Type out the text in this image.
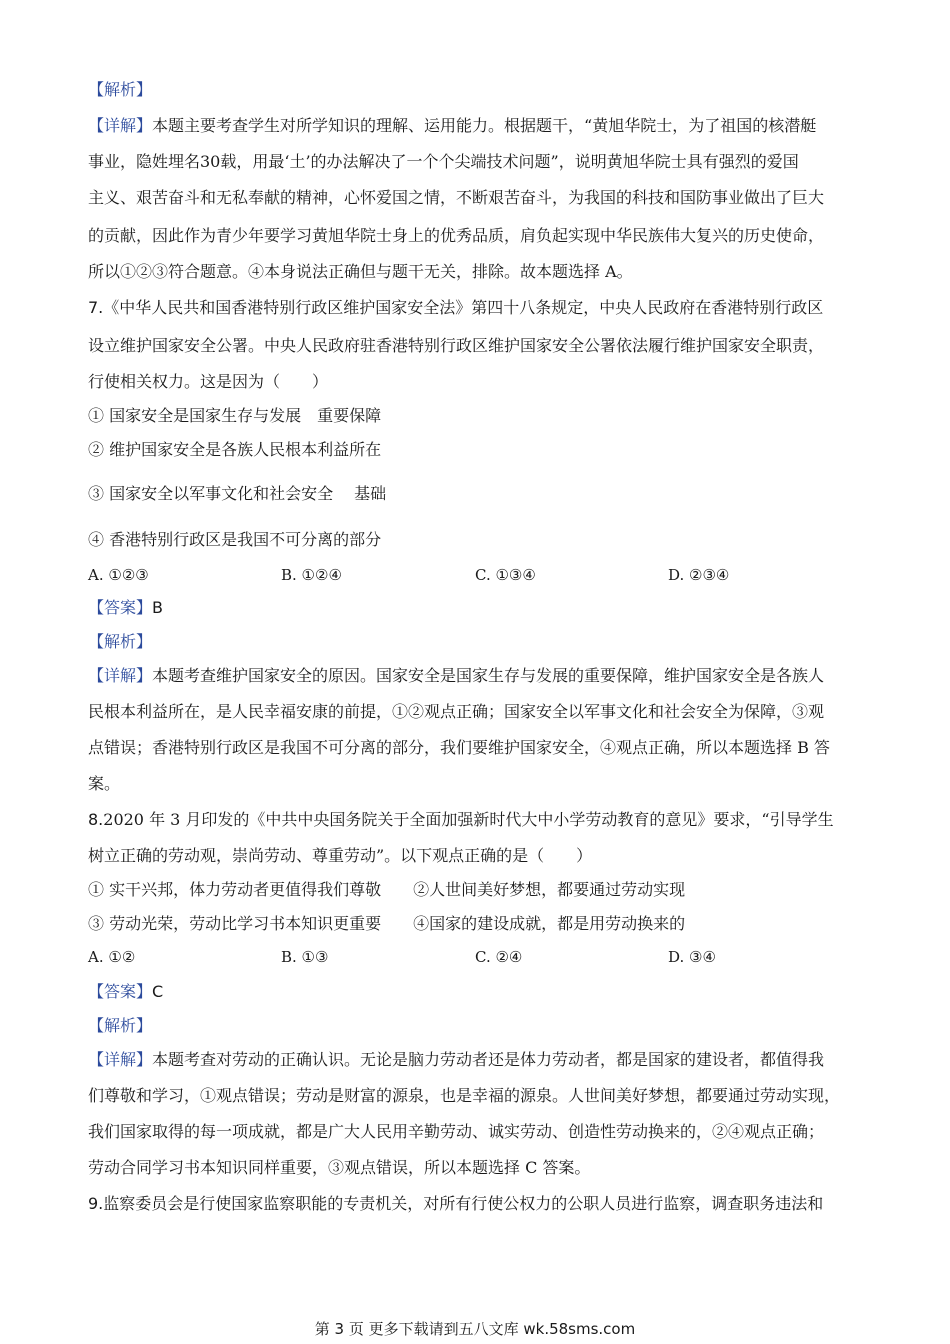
【解析】

【详解】本题主要考查学生对所学知识的理解、运用能力。根据题干，“黄旭华院士，为了祖国的核潜艇

事业，隐姓埋名30载，用最‘土’的办法解决了一个个尖端技术问题”，说明黄旭华院士具有强烈的爱国

主义、艰苦奋斗和无私奉献的精神，心怀爱国之情，不断艰苦奋斗，为我国的科技和国防事业做出了巨大

的贡献，因此作为青少年要学习黄旭华院士身上的优秀品质，肩负起实现中华民族伟大复兴的历史使命，

所以①②③符合题意。④本身说法正确但与题干无关，排除。故本题选择 A。

7.《中华人民共和国香港特别行政区维护国家安全法》第四十八条规定，中央人民政府在香港特别行政区

设立维护国家安全公署。中央人民政府驻香港特别行政区维护国家安全公署依法履行维护国家安全职责，

行使相关权力。这是因为（　　）

① 国家安全是国家生存与发展　重要保障

② 维护国家安全是各族人民根本利益所在

③ 国家安全以军事文化和社会安全　 基础

④ 香港特别行政区是我国不可分离的部分

A. ①②③	B. ①②④	C. ①③④	D. ②③④

【答案】B

【解析】

【详解】本题考查维护国家安全的原因。国家安全是国家生存与发展的重要保障，维护国家安全是各族人

民根本利益所在，是人民幸福安康的前提，①②观点正确；国家安全以军事文化和社会安全为保障，③观

点错误；香港特别行政区是我国不可分离的部分，我们要维护国家安全，④观点正确，所以本题选择 B 答

案。

8.2020 年 3 月印发的《中共中央国务院关于全面加强新时代大中小学劳动教育的意见》要求，“引导学生

树立正确的劳动观，崇尚劳动、尊重劳动”。以下观点正确的是（　　）

① 实干兴邦，体力劳动者更值得我们尊敬　　②人世间美好梦想，都要通过劳动实现

③ 劳动光荣，劳动比学习书本知识更重要　　④国家的建设成就，都是用劳动换来的

A. ①②	B. ①③	C. ②④	D. ③④

【答案】C

【解析】

【详解】本题考查对劳动的正确认识。无论是脑力劳动者还是体力劳动者，都是国家的建设者，都值得我

们尊敬和学习，①观点错误；劳动是财富的源泉，也是幸福的源泉。人世间美好梦想，都要通过劳动实现，

我们国家取得的每一项成就，都是广大人民用辛勤劳动、诚实劳动、创造性劳动换来的，②④观点正确；

劳动合同学习书本知识同样重要，③观点错误，所以本题选择 C 答案。

9.监察委员会是行使国家监察职能的专责机关，对所有行使公权力的公职人员进行监察，调查职务违法和

第 3 页 更多下载请到五八文库 wk.58sms.com
